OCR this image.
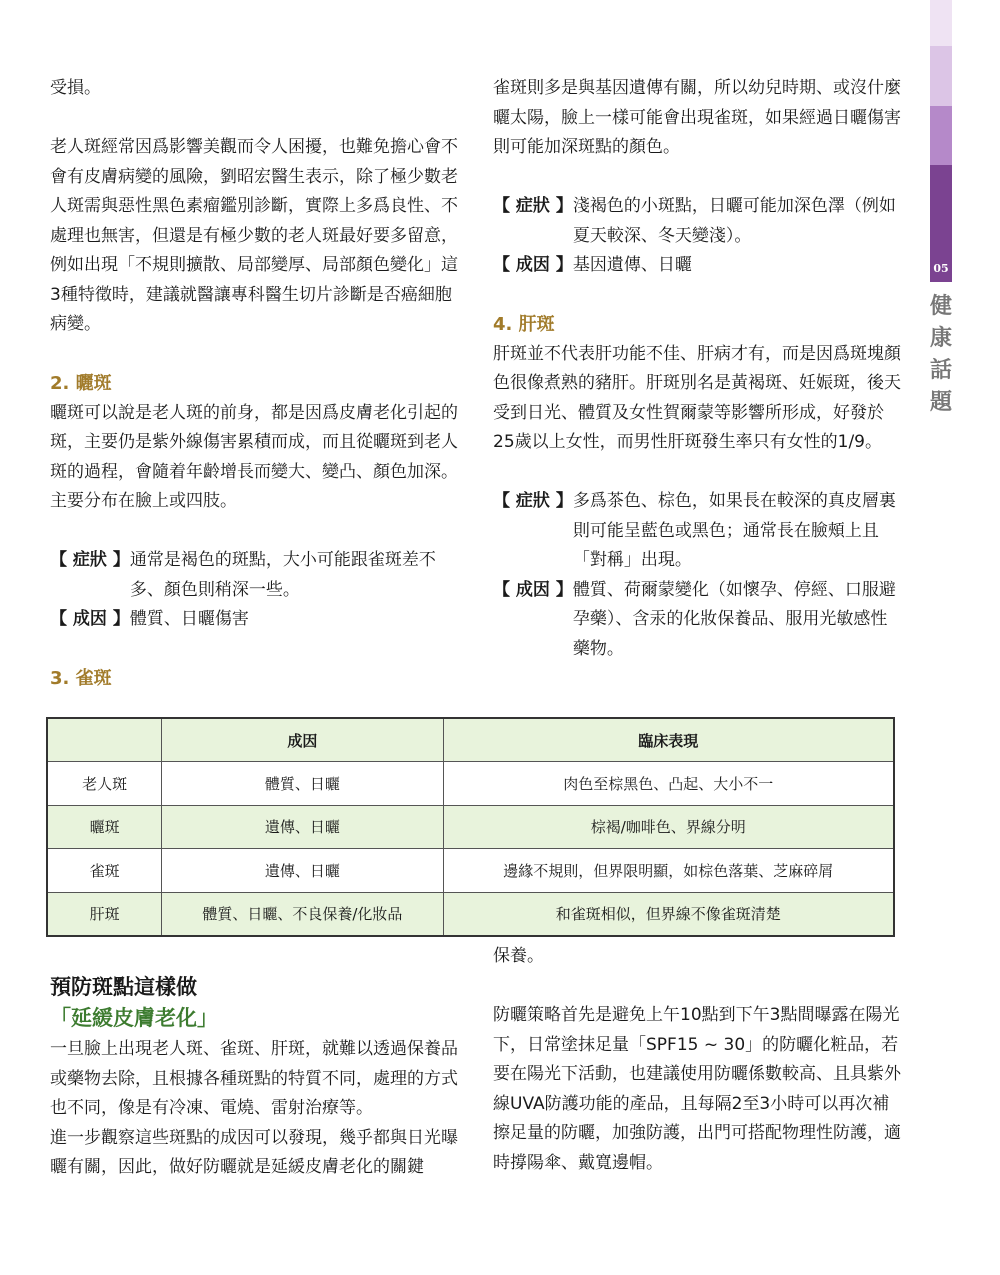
05
健
康
話
題
受損。
老人斑經常因爲影響美觀而令人困擾，也難免擔心會不會有皮膚病變的風險，劉昭宏醫生表示，除了極少數老人斑需與惡性黑色素瘤鑑別診斷，實際上多爲良性、不處理也無害，但還是有極少數的老人斑最好要多留意，例如出現「不規則擴散、局部變厚、局部顏色變化」這3種特徵時，建議就醫讓專科醫生切片診斷是否癌細胞病變。
2. 曬斑
曬斑可以說是老人斑的前身，都是因爲皮膚老化引起的斑，主要仍是紫外線傷害累積而成，而且從曬斑到老人斑的過程，會隨着年齡增長而變大、變凸、顏色加深。主要分布在臉上或四肢。
【 症狀 】 通常是褐色的斑點，大小可能跟雀斑差不多、顏色則稍深一些。
【 成因 】 體質、日曬傷害
3. 雀斑
雀斑則多是與基因遺傳有關，所以幼兒時期、或沒什麼曬太陽，臉上一樣可能會出現雀斑，如果經過日曬傷害則可能加深斑點的顏色。
【 症狀 】 淺褐色的小斑點，日曬可能加深色澤（例如夏天較深、冬天變淺）。
【 成因 】 基因遺傳、日曬
4. 肝斑
肝斑並不代表肝功能不佳、肝病才有，而是因爲斑塊顏色很像煮熟的豬肝。肝斑別名是黃褐斑、妊娠斑，後天受到日光、體質及女性賀爾蒙等影響所形成，好發於25歲以上女性，而男性肝斑發生率只有女性的1/9。
【 症狀 】 多爲茶色、棕色，如果長在較深的真皮層裏則可能呈藍色或黑色；通常長在臉頰上且「對稱」出現。
【 成因 】 體質、荷爾蒙變化（如懷孕、停經、口服避孕藥）、含汞的化妝保養品、服用光敏感性藥物。
	成因	臨床表現
老人斑	體質、日曬	肉色至棕黑色、凸起、大小不一
曬斑	遺傳、日曬	棕褐/咖啡色、界線分明
雀斑	遺傳、日曬	邊緣不規則，但界限明顯，如棕色落葉、芝麻碎屑
肝斑	體質、日曬、不良保養/化妝品	和雀斑相似，但界線不像雀斑清楚
預防斑點這樣做
「延緩皮膚老化」
一旦臉上出現老人斑、雀斑、肝斑，就難以透過保養品或藥物去除，且根據各種斑點的特質不同，處理的方式也不同，像是有冷凍、電燒、雷射治療等。
進一步觀察這些斑點的成因可以發現，幾乎都與日光曝曬有關，因此，做好防曬就是延緩皮膚老化的關鍵
保養。
防曬策略首先是避免上午10點到下午3點間曝露在陽光下，日常塗抹足量「SPF15 ~ 30」的防曬化粧品，若要在陽光下活動，也建議使用防曬係數較高、且具紫外線UVA防護功能的產品，且每隔2至3小時可以再次補擦足量的防曬，加強防護，出門可搭配物理性防護，適時撐陽傘、戴寬邊帽。
